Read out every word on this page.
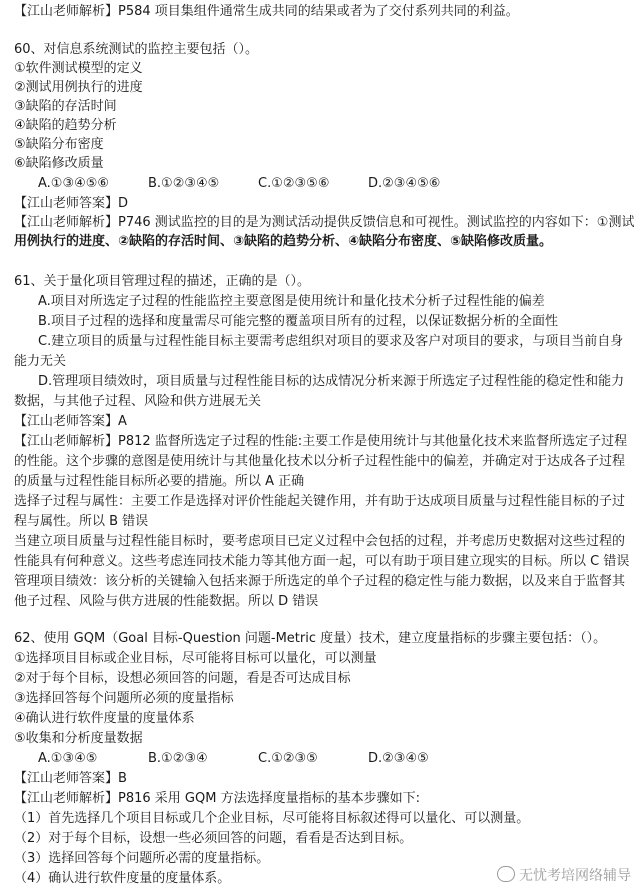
【江山老师解析】P584 项目集组件通常生成共同的结果或者为了交付系列共同的利益。
60、对信息系统测试的监控主要包括（）。
①软件测试模型的定义
②测试用例执行的进度
③缺陷的存活时间
④缺陷的趋势分析
⑤缺陷分布密度
⑥缺陷修改质量
A.①③④⑤⑥	B.①②③④⑤	C.①②③⑤⑥	D.②③④⑤⑥
【江山老师答案】D
【江山老师解析】P746 测试监控的目的是为测试活动提供反馈信息和可视性。测试监控的内容如下：①测试
用例执行的进度、②缺陷的存活时间、③缺陷的趋势分析、④缺陷分布密度、⑤缺陷修改质量。
61、关于量化项目管理过程的描述，正确的是（）。
A.项目对所选定子过程的性能监控主要意图是使用统计和量化技术分析子过程性能的偏差
B.项目子过程的选择和度量需尽可能完整的覆盖项目所有的过程，以保证数据分析的全面性
C.建立项目的质量与过程性能目标主要需考虑组织对项目的要求及客户对项目的要求，与项目当前自身
能力无关
D.管理项目绩效时，项目质量与过程性能目标的达成情况分析来源于所选定子过程性能的稳定性和能力
数据，与其他子过程、风险和供方进展无关
【江山老师答案】A
【江山老师解析】P812 监督所选定子过程的性能:主要工作是使用统计与其他量化技术来监督所选定子过程
的性能。这个步骤的意图是使用统计与其他量化技术以分析子过程性能中的偏差，并确定对于达成各子过程
的质量与过程性能目标所必要的措施。所以 A 正确
选择子过程与属性：主要工作是选择对评价性能起关键作用，并有助于达成项目质量与过程性能目标的子过
程与属性。所以 B 错误
当建立项目质量与过程性能目标时，要考虑项目已定义过程中会包括的过程，并考虑历史数据对这些过程的
性能具有何种意义。这些考虑连同技术能力等其他方面一起，可以有助于项目建立现实的目标。所以 C 错误
管理项目绩效：该分析的关键输入包括来源于所选定的单个子过程的稳定性与能力数据，以及来自于监督其
他子过程、风险与供方进展的性能数据。所以 D 错误
62、使用 GQM（Goal 目标-Question 问题-Metric 度量）技术，建立度量指标的步骤主要包括：（）。
①选择项目目标或企业目标，尽可能将目标可以量化，可以测量
②对于每个目标，设想必须回答的问题，看是否可达成目标
③选择回答每个问题所必须的度量指标
④确认进行软件度量的度量体系
⑤收集和分析度量数据
A.①③④⑤	B.①②③④	C.①②③⑤	D.②③④⑤
【江山老师答案】B
【江山老师解析】P816 采用 GQM 方法选择度量指标的基本步骤如下:
（1）首先选择几个项目目标或几个企业目标，尽可能将目标叙述得可以量化、可以测量。
（2）对于每个目标，设想一些必须回答的问题，看看是否达到目标。
（3）选择回答每个问题所必需的度量指标。
（4）确认进行软件度量的度量体系。	无忧考培网络辅导
